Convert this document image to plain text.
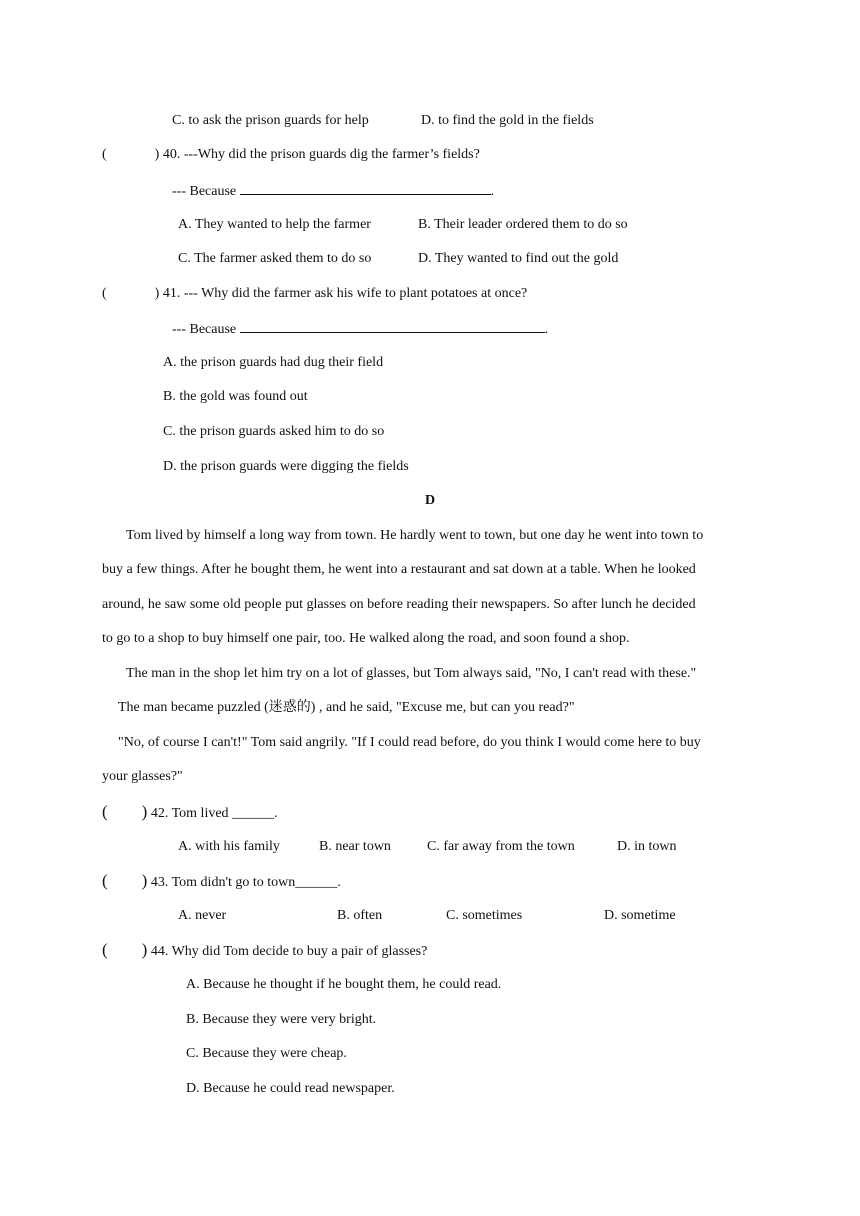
C. to ask the prison guards for help	D. to find the gold in the fields
(	) 40. ---Why did the prison guards dig the farmer’s fields?
--- Because	.
A. They wanted to help the farmer	B. Their leader ordered them to do so
C. The farmer asked them to do so	D. They wanted to find out the gold
(	) 41. --- Why did the farmer ask his wife to plant potatoes at once?
--- Because	.
A. the prison guards had dug their field
B. the gold was found out
C. the prison guards asked him to do so
D. the prison guards were digging the fields
D
Tom lived by himself a long way from town. He hardly went to town, but one day he went into town to
buy a few things. After he bought them, he went into a restaurant and sat down at a table. When he looked
around, he saw some old people put glasses on before reading their newspapers. So after lunch he decided
to go to a shop to buy himself one pair, too. He walked along the road, and soon found a shop.
The man in the shop let him try on a lot of glasses, but Tom always said, "No, I can't read with these."
The man became puzzled (迷惑的) , and he said, "Excuse me, but can you read?"
"No, of course I can't!" Tom said angrily. "If I could read before, do you think I would come here to buy
your glasses?"
( ) 42. Tom lived ______.
A. with his family	B. near town	C. far away from the town	D. in town
( ) 43. Tom didn't go to town______.
A. never	B. often	C. sometimes	D. sometime
( ) 44. Why did Tom decide to buy a pair of glasses?
A. Because he thought if he bought them, he could read.
B. Because they were very bright.
C. Because they were cheap.
D. Because he could read newspaper.
